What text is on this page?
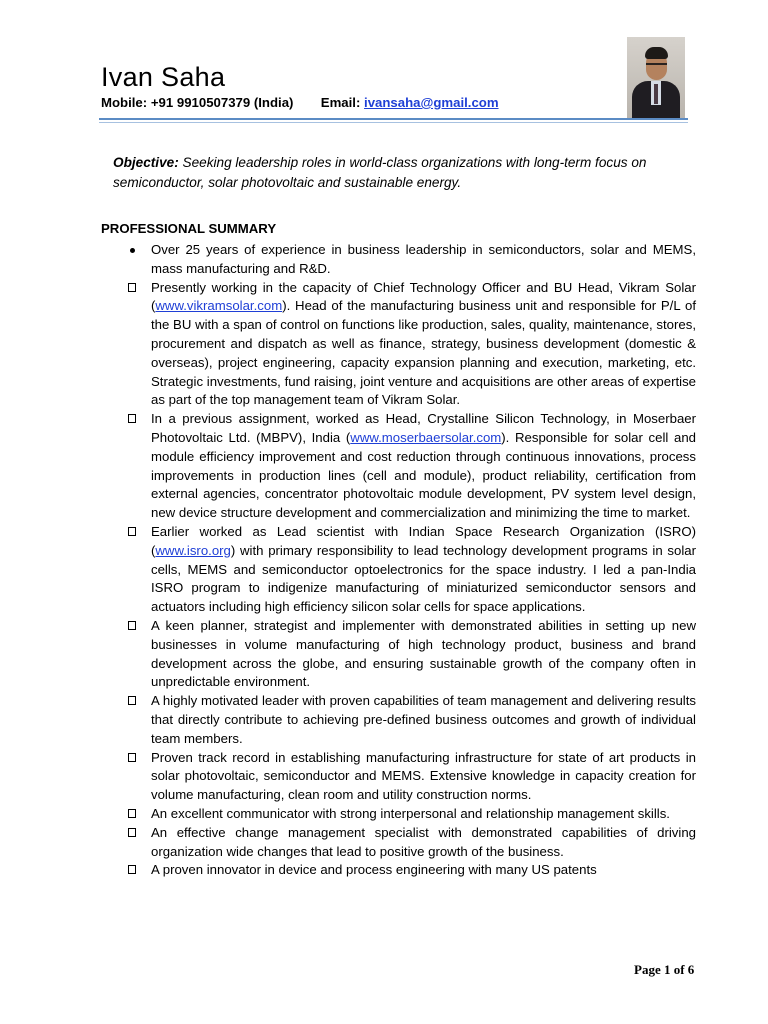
Ivan Saha
Mobile: +91 9910507379 (India) Email: ivansaha@gmail.com

Objective: Seeking leadership roles in world-class organizations with long-term focus on semiconductor, solar photovoltaic and sustainable energy.

PROFESSIONAL SUMMARY
Over 25 years of experience in business leadership in semiconductors, solar and MEMS, mass manufacturing and R&D.
Presently working in the capacity of Chief Technology Officer and BU Head, Vikram Solar (www.vikramsolar.com). Head of the manufacturing business unit and responsible for P/L of the BU with a span of control on functions like production, sales, quality, maintenance, stores, procurement and dispatch as well as finance, strategy, business development (domestic & overseas), project engineering, capacity expansion planning and execution, marketing, etc. Strategic investments, fund raising, joint venture and acquisitions are other areas of expertise as part of the top management team of Vikram Solar.
In a previous assignment, worked as Head, Crystalline Silicon Technology, in Moserbaer Photovoltaic Ltd. (MBPV), India (www.moserbaersolar.com). Responsible for solar cell and module efficiency improvement and cost reduction through continuous innovations, process improvements in production lines (cell and module), product reliability, certification from external agencies, concentrator photovoltaic module development, PV system level design, new device structure development and commercialization and minimizing the time to market.
Earlier worked as Lead scientist with Indian Space Research Organization (ISRO) (www.isro.org) with primary responsibility to lead technology development programs in solar cells, MEMS and semiconductor optoelectronics for the space industry. I led a pan-India ISRO program to indigenize manufacturing of miniaturized semiconductor sensors and actuators including high efficiency silicon solar cells for space applications.
A keen planner, strategist and implementer with demonstrated abilities in setting up new businesses in volume manufacturing of high technology product, business and brand development across the globe, and ensuring sustainable growth of the company often in unpredictable environment.
A highly motivated leader with proven capabilities of team management and delivering results that directly contribute to achieving pre-defined business outcomes and growth of individual team members.
Proven track record in establishing manufacturing infrastructure for state of art products in solar photovoltaic, semiconductor and MEMS. Extensive knowledge in capacity creation for volume manufacturing, clean room and utility construction norms.
An excellent communicator with strong interpersonal and relationship management skills.
An effective change management specialist with demonstrated capabilities of driving organization wide changes that lead to positive growth of the business.
A proven innovator in device and process engineering with many US patents
Page 1 of 6
